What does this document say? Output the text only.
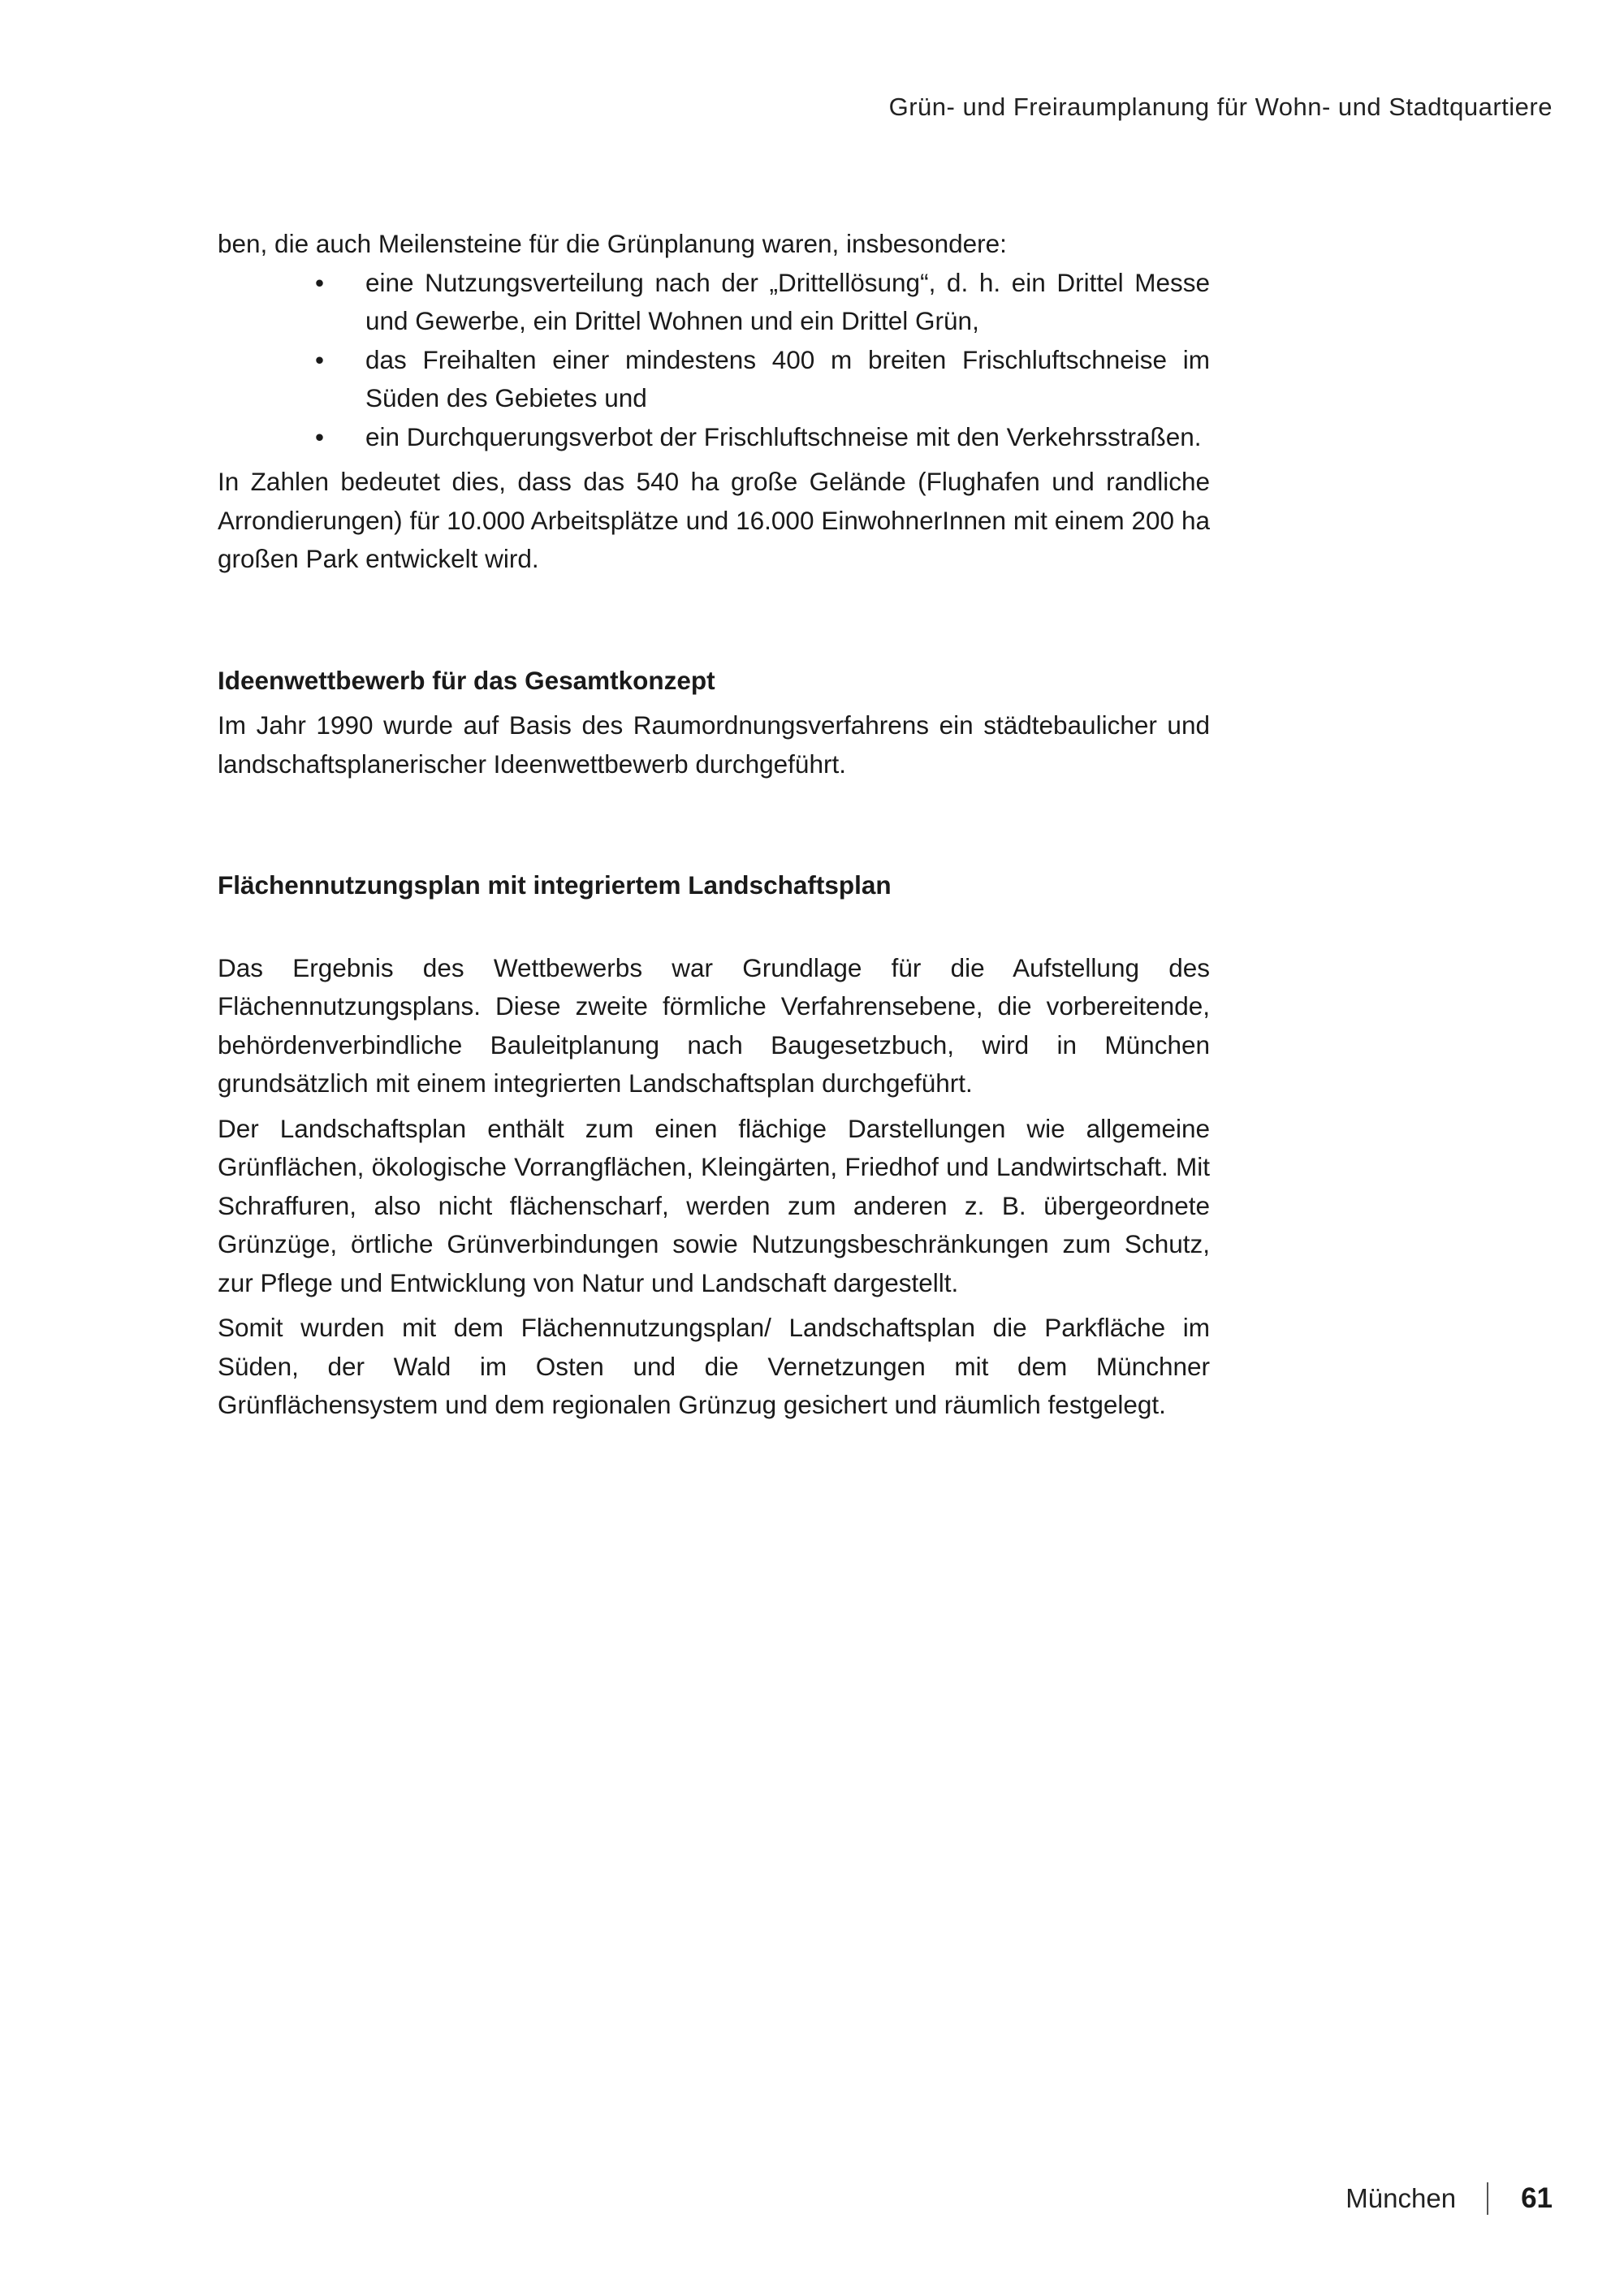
Grün- und Freiraumplanung für Wohn- und Stadtquartiere

ben, die auch Meilensteine für die Grünplanung waren, insbesondere:

• eine Nutzungsverteilung nach der „Drittellösung“, d. h. ein Drittel Messe und Gewerbe, ein Drittel Wohnen und ein Drittel Grün,
• das Freihalten einer mindestens 400 m breiten Frischluftschneise im Süden des Gebietes und
• ein Durchquerungsverbot der Frischluftschneise mit den Verkehrsstraßen.

In Zahlen bedeutet dies, dass das 540 ha große Gelände (Flughafen und randliche Arrondierungen) für 10.000 Arbeitsplätze und 16.000 EinwohnerInnen mit einem 200 ha großen Park entwickelt wird.

Ideenwettbewerb für das Gesamtkonzept

Im Jahr 1990 wurde auf Basis des Raumordnungsverfahrens ein städtebaulicher und landschaftsplanerischer Ideenwettbewerb durchgeführt.

Flächennutzungsplan mit integriertem Landschaftsplan

Das Ergebnis des Wettbewerbs war Grundlage für die Aufstellung des Flächennutzungsplans. Diese zweite förmliche Verfahrensebene, die vorbereitende, behördenverbindliche Bauleitplanung nach Baugesetzbuch, wird in München grundsätzlich mit einem integrierten Landschaftsplan durchgeführt.

Der Landschaftsplan enthält zum einen flächige Darstellungen wie allgemeine Grünflächen, ökologische Vorrangflächen, Kleingärten, Friedhof und Landwirtschaft. Mit Schraffuren, also nicht flächenscharf, werden zum anderen z. B. übergeordnete Grünzüge, örtliche Grünverbindungen sowie Nutzungsbeschränkungen zum Schutz, zur Pflege und Entwicklung von Natur und Landschaft dargestellt.

Somit wurden mit dem Flächennutzungsplan/ Landschaftsplan die Parkfläche im Süden, der Wald im Osten und die Vernetzungen mit dem Münchner Grünflächensystem und dem regionalen Grünzug gesichert und räumlich festgelegt.

München 61
